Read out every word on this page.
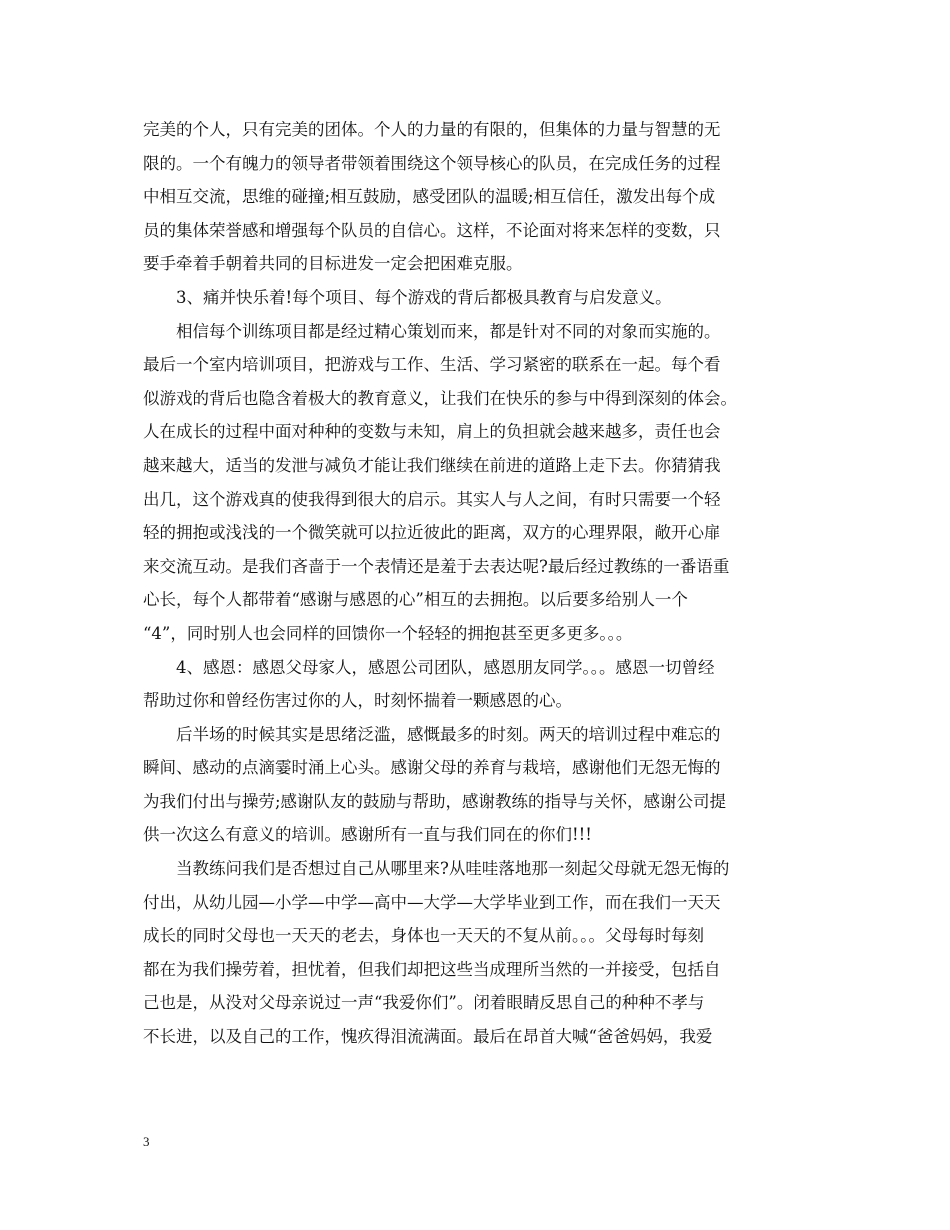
完美的个人，只有完美的团体。个人的力量的有限的，但集体的力量与智慧的无
限的。一个有魄力的领导者带领着围绕这个领导核心的队员，在完成任务的过程
中相互交流，思维的碰撞;相互鼓励，感受团队的温暖;相互信任，激发出每个成
员的集体荣誉感和增强每个队员的自信心。这样，不论面对将来怎样的变数，只
要手牵着手朝着共同的目标进发一定会把困难克服。
3、痛并快乐着!每个项目、每个游戏的背后都极具教育与启发意义。
相信每个训练项目都是经过精心策划而来，都是针对不同的对象而实施的。
最后一个室内培训项目，把游戏与工作、生活、学习紧密的联系在一起。每个看
似游戏的背后也隐含着极大的教育意义，让我们在快乐的参与中得到深刻的体会。
人在成长的过程中面对种种的变数与未知，肩上的负担就会越来越多，责任也会
越来越大，适当的发泄与减负才能让我们继续在前进的道路上走下去。你猜猜我
出几，这个游戏真的使我得到很大的启示。其实人与人之间，有时只需要一个轻
轻的拥抱或浅浅的一个微笑就可以拉近彼此的距离，双方的心理界限，敞开心扉
来交流互动。是我们吝啬于一个表情还是羞于去表达呢?最后经过教练的一番语重
心长，每个人都带着“感谢与感恩的心”相互的去拥抱。以后要多给别人一个
“4”，同时别人也会同样的回馈你一个轻轻的拥抱甚至更多更多。。。
4、感恩：感恩父母家人，感恩公司团队，感恩朋友同学。。。感恩一切曾经
帮助过你和曾经伤害过你的人，时刻怀揣着一颗感恩的心。
后半场的时候其实是思绪泛滥，感慨最多的时刻。两天的培训过程中难忘的
瞬间、感动的点滴霎时涌上心头。感谢父母的养育与栽培，感谢他们无怨无悔的
为我们付出与操劳;感谢队友的鼓励与帮助，感谢教练的指导与关怀，感谢公司提
供一次这么有意义的培训。感谢所有一直与我们同在的你们!!!
当教练问我们是否想过自己从哪里来?从哇哇落地那一刻起父母就无怨无悔的
付出，从幼儿园—小学—中学—高中—大学—大学毕业到工作，而在我们一天天
成长的同时父母也一天天的老去，身体也一天天的不复从前。。。父母每时每刻
都在为我们操劳着，担忧着，但我们却把这些当成理所当然的一并接受，包括自
己也是，从没对父母亲说过一声“我爱你们”。闭着眼睛反思自己的种种不孝与
不长进，以及自己的工作，愧疚得泪流满面。最后在昂首大喊“爸爸妈妈，我爱
3
